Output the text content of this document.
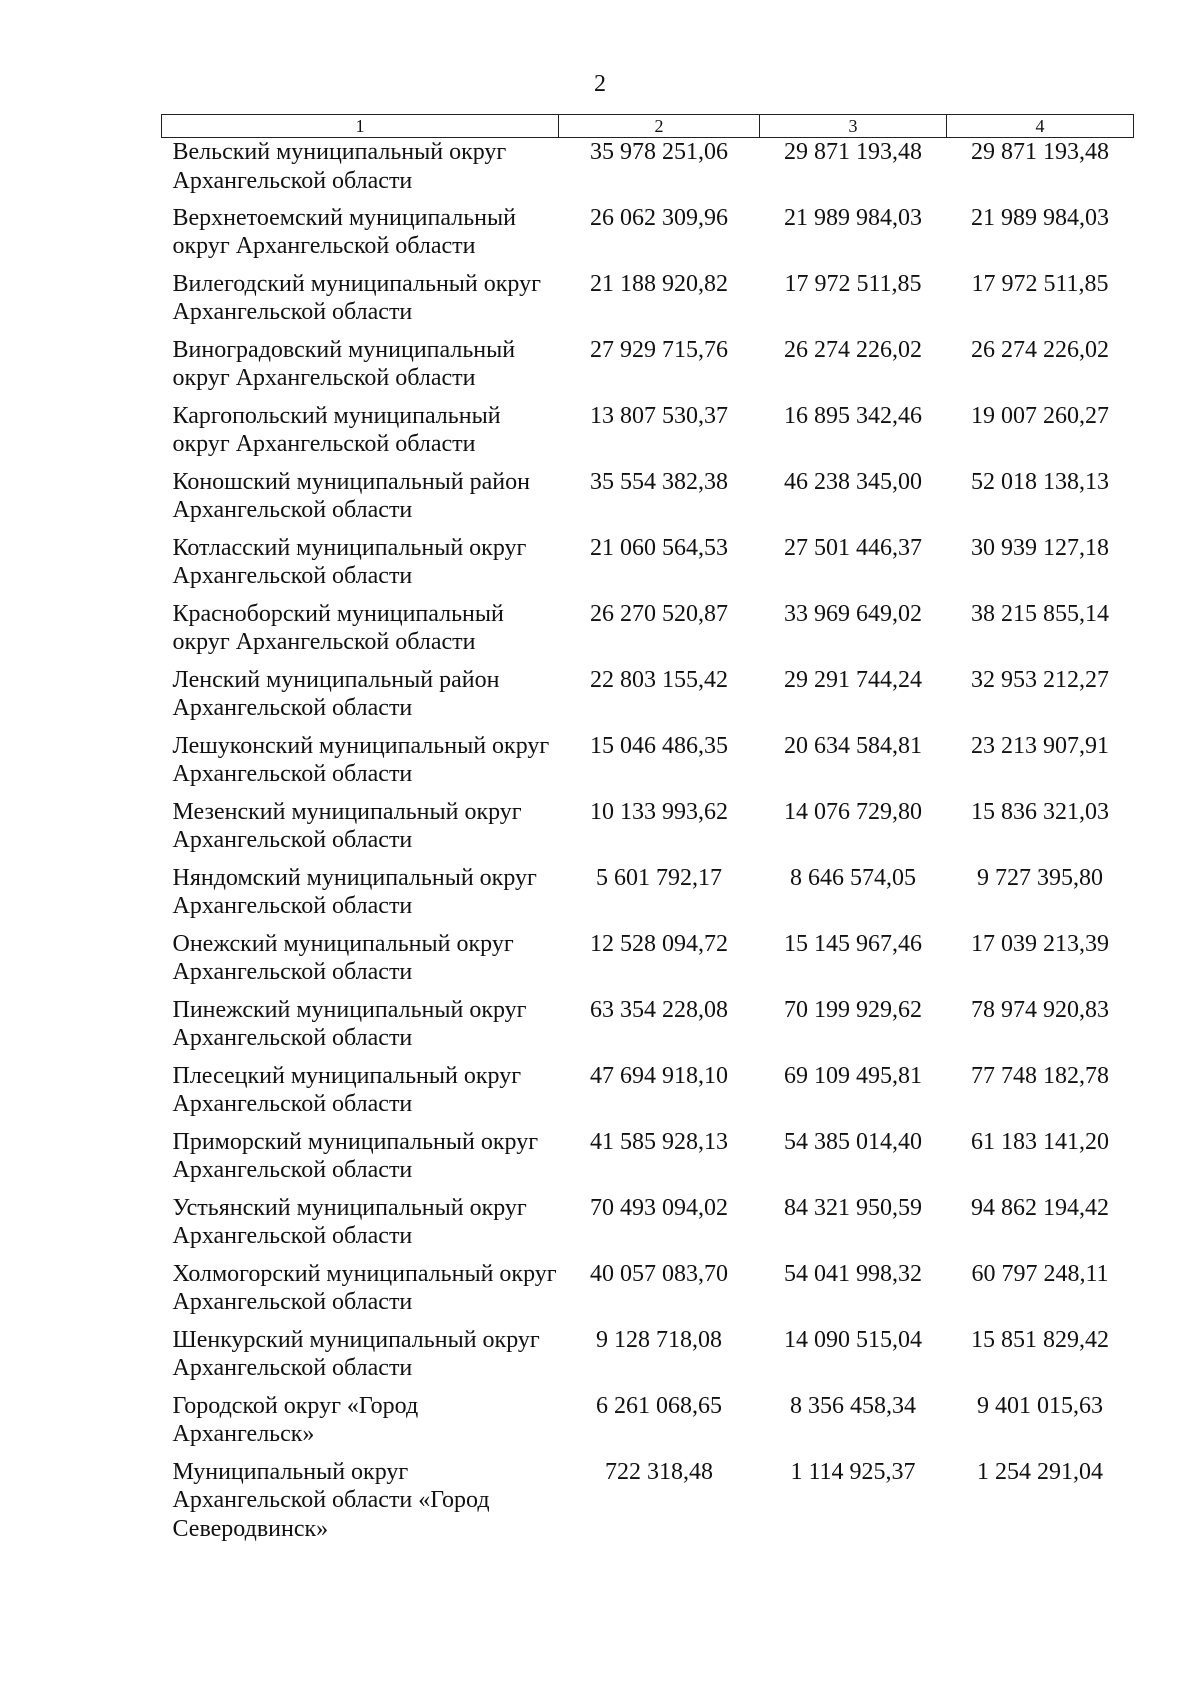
2
1	2	3	4
Вельский муниципальный округ Архангельской области	35 978 251,06	29 871 193,48	29 871 193,48
Верхнетоемский муниципальный округ Архангельской области	26 062 309,96	21 989 984,03	21 989 984,03
Вилегодский муниципальный округ Архангельской области	21 188 920,82	17 972 511,85	17 972 511,85
Виноградовский муниципальный округ Архангельской области	27 929 715,76	26 274 226,02	26 274 226,02
Каргопольский муниципальный округ Архангельской области	13 807 530,37	16 895 342,46	19 007 260,27
Коношский муниципальный район Архангельской области	35 554 382,38	46 238 345,00	52 018 138,13
Котласский муниципальный округ Архангельской области	21 060 564,53	27 501 446,37	30 939 127,18
Красноборский муниципальный округ Архангельской области	26 270 520,87	33 969 649,02	38 215 855,14
Ленский муниципальный район Архангельской области	22 803 155,42	29 291 744,24	32 953 212,27
Лешуконский муниципальный округ Архангельской области	15 046 486,35	20 634 584,81	23 213 907,91
Мезенский муниципальный округ Архангельской области	10 133 993,62	14 076 729,80	15 836 321,03
Няндомский муниципальный округ Архангельской области	5 601 792,17	8 646 574,05	9 727 395,80
Онежский муниципальный округ Архангельской области	12 528 094,72	15 145 967,46	17 039 213,39
Пинежский муниципальный округ Архангельской области	63 354 228,08	70 199 929,62	78 974 920,83
Плесецкий муниципальный округ Архангельской области	47 694 918,10	69 109 495,81	77 748 182,78
Приморский муниципальный округ Архангельской области	41 585 928,13	54 385 014,40	61 183 141,20
Устьянский муниципальный округ Архангельской области	70 493 094,02	84 321 950,59	94 862 194,42
Холмогорский муниципальный округ Архангельской области	40 057 083,70	54 041 998,32	60 797 248,11
Шенкурский муниципальный округ Архангельской области	9 128 718,08	14 090 515,04	15 851 829,42
Городской округ «Город Архангельск»	6 261 068,65	8 356 458,34	9 401 015,63
Муниципальный округ Архангельской области «Город Северодвинск»	722 318,48	1 114 925,37	1 254 291,04
